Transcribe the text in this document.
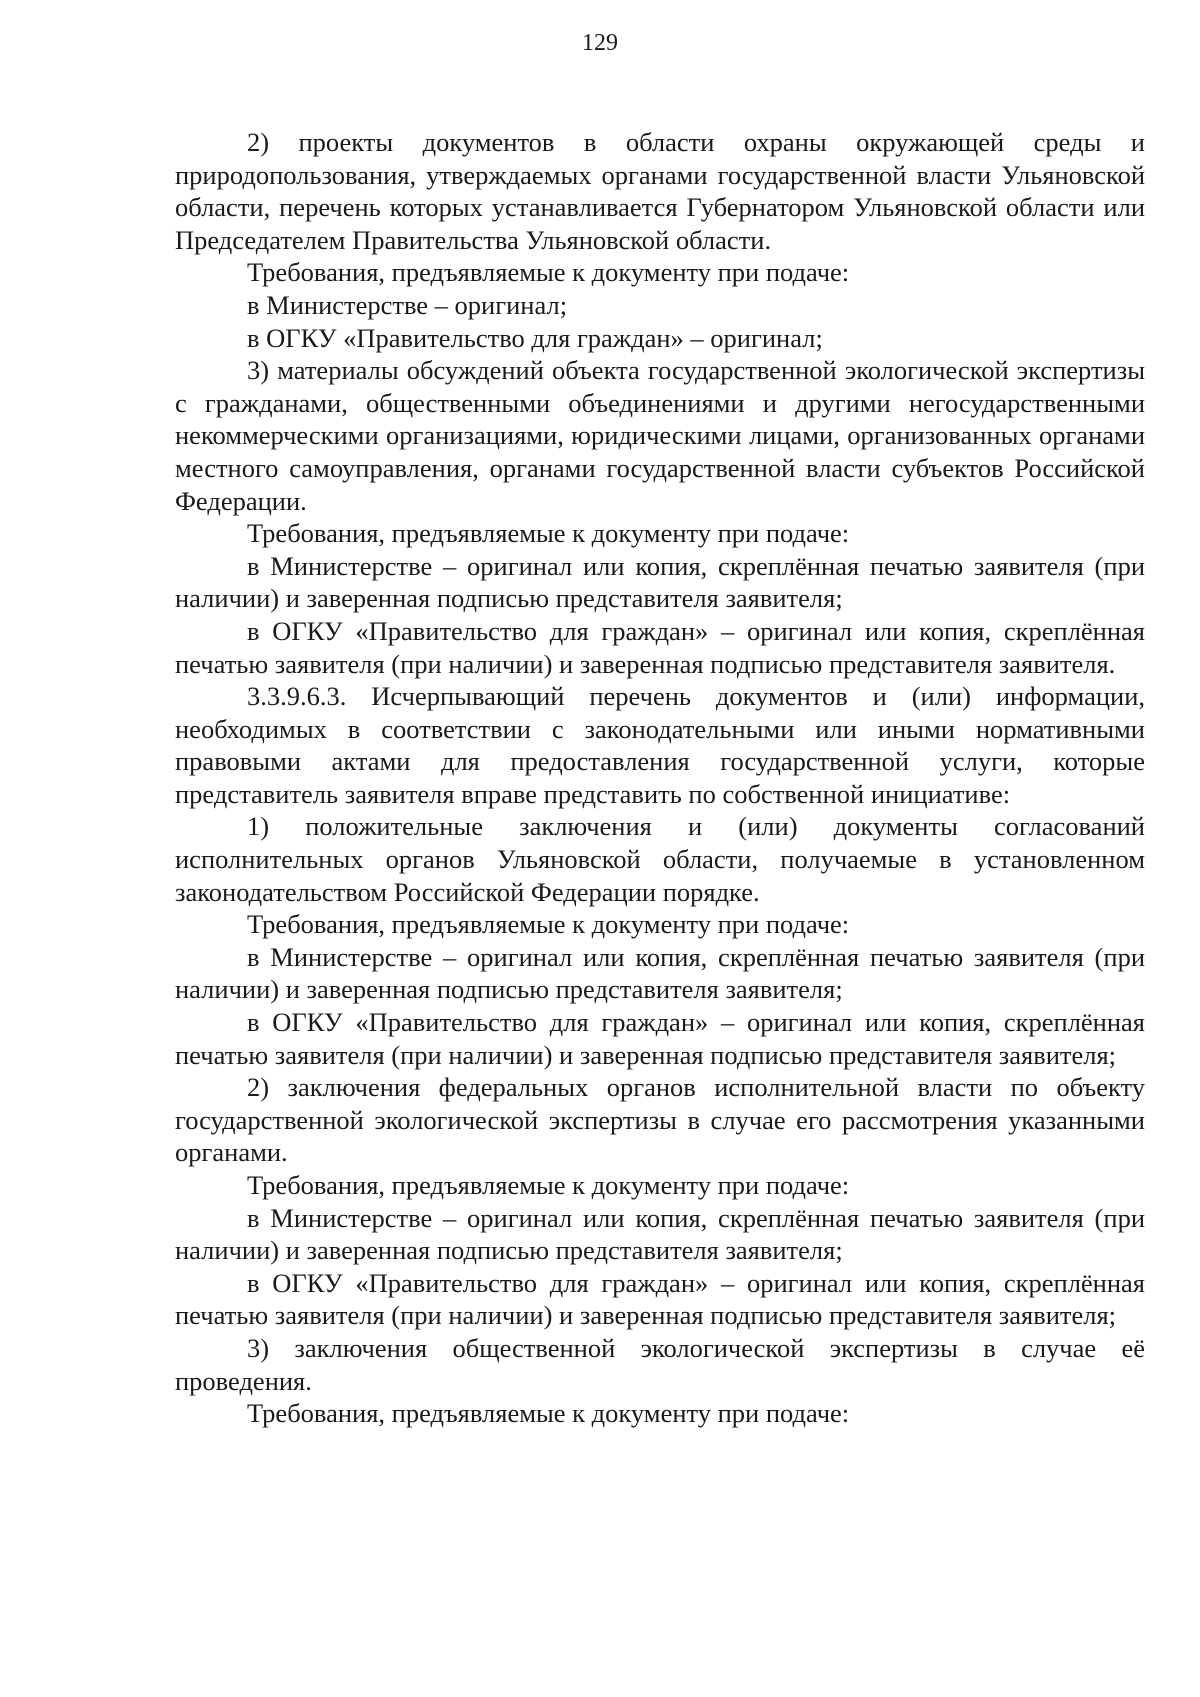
129

2) проекты документов в области охраны окружающей среды и природопользования, утверждаемых органами государственной власти Ульяновской области, перечень которых устанавливается Губернатором Ульяновской области или Председателем Правительства Ульяновской области.

Требования, предъявляемые к документу при подаче:

в Министерстве – оригинал;

в ОГКУ «Правительство для граждан» – оригинал;

3) материалы обсуждений объекта государственной экологической экспертизы с гражданами, общественными объединениями и другими негосударственными некоммерческими организациями, юридическими лицами, организованных органами местного самоуправления, органами государственной власти субъектов Российской Федерации.

Требования, предъявляемые к документу при подаче:

в Министерстве – оригинал или копия, скреплённая печатью заявителя (при наличии) и заверенная подписью представителя заявителя;

в ОГКУ «Правительство для граждан» – оригинал или копия, скреплённая печатью заявителя (при наличии) и заверенная подписью представителя заявителя.

3.3.9.6.3. Исчерпывающий перечень документов и (или) информации, необходимых в соответствии с законодательными или иными нормативными правовыми актами для предоставления государственной услуги, которые представитель заявителя вправе представить по собственной инициативе:

1) положительные заключения и (или) документы согласований исполнительных органов Ульяновской области, получаемые в установленном законодательством Российской Федерации порядке.

Требования, предъявляемые к документу при подаче:

в Министерстве – оригинал или копия, скреплённая печатью заявителя (при наличии) и заверенная подписью представителя заявителя;

в ОГКУ «Правительство для граждан» – оригинал или копия, скреплённая печатью заявителя (при наличии) и заверенная подписью представителя заявителя;

2) заключения федеральных органов исполнительной власти по объекту государственной экологической экспертизы в случае его рассмотрения указанными органами.

Требования, предъявляемые к документу при подаче:

в Министерстве – оригинал или копия, скреплённая печатью заявителя (при наличии) и заверенная подписью представителя заявителя;

в ОГКУ «Правительство для граждан» – оригинал или копия, скреплённая печатью заявителя (при наличии) и заверенная подписью представителя заявителя;

3) заключения общественной экологической экспертизы в случае её проведения.

Требования, предъявляемые к документу при подаче:
